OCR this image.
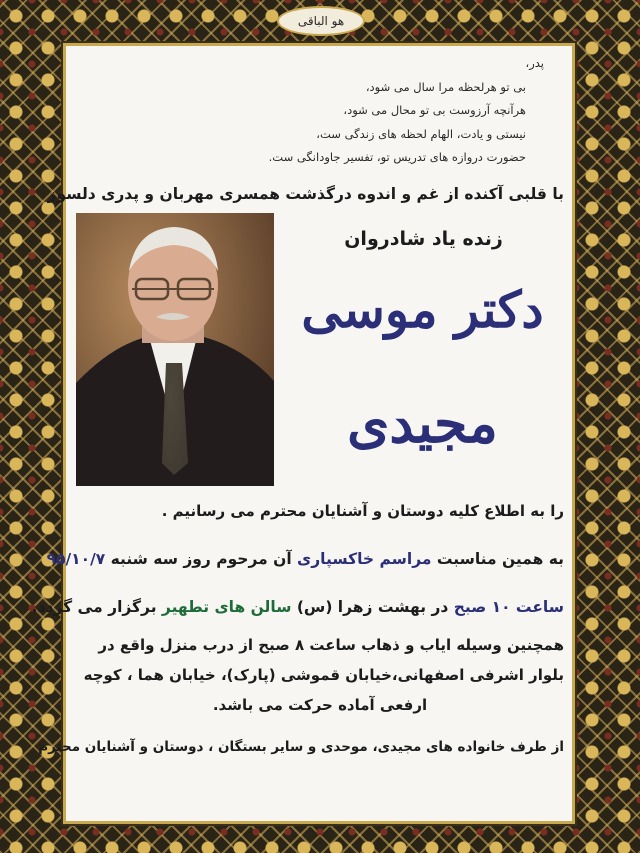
هو الباقی
پدر،
بی تو هرلحظه مرا سال می شود،
هرآنچه آرزوست بی تو محال می شود،
نیستی و یادت، الهام لحظه های زندگی ست،
حضورت دروازه های تدریس تو، تفسیر جاودانگی ست.
با قلبی آکنده از غم و اندوه درگذشت همسری مهربان و پدری دلسوز
زنده یاد شادروان
دکتر موسی
مجیدی
را به اطلاع کلیه دوستان و آشنایان محترم می رسانیم .
به همین مناسبت مراسم خاکسپاری آن مرحوم روز سه شنبه ۹۵/۱۰/۷
ساعت ۱۰ صبح در بهشت زهرا (س) سالن های تطهیر برگزار می گردد.
همچنین وسیله ایاب و ذهاب ساعت ۸ صبح از درب منزل واقع در
بلوار اشرفی اصفهانی،خیابان قموشی (پارک)، خیابان هما ، کوچه
ارفعی آماده حرکت می باشد.
از طرف خانواده های مجیدی، موحدی و سایر بستگان ، دوستان و آشنایان محترم
